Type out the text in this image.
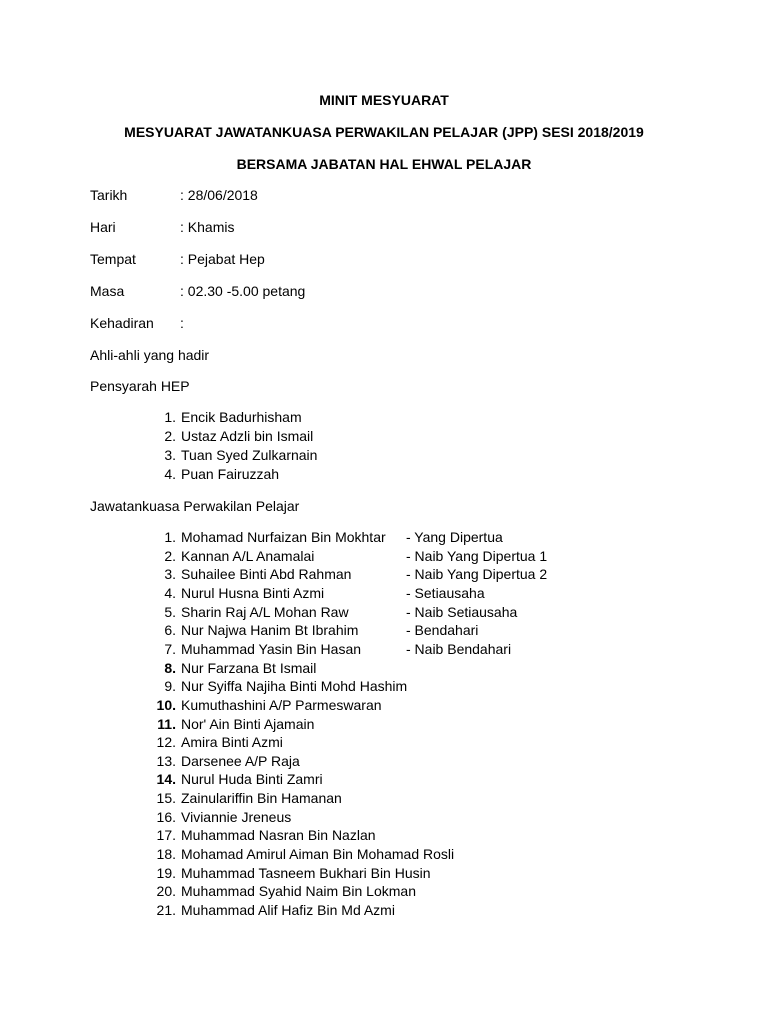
MINIT MESYUARAT
MESYUARAT JAWATANKUASA PERWAKILAN PELAJAR (JPP) SESI 2018/2019
BERSAMA JABATAN HAL EHWAL PELAJAR
Tarikh	: 28/06/2018
Hari	: Khamis
Tempat	: Pejabat Hep
Masa	: 02.30 -5.00 petang
Kehadiran :
Ahli-ahli yang hadir
Pensyarah HEP
1. Encik Badurhisham
2. Ustaz Adzli bin Ismail
3. Tuan Syed Zulkarnain
4. Puan Fairuzzah
Jawatankuasa Perwakilan Pelajar
1. Mohamad Nurfaizan Bin Mokhtar - Yang Dipertua
2. Kannan A/L Anamalai	- Naib Yang Dipertua 1
3. Suhailee Binti Abd Rahman	- Naib Yang Dipertua 2
4. Nurul Husna Binti Azmi	- Setiausaha
5. Sharin Raj A/L Mohan Raw	- Naib Setiausaha
6. Nur Najwa Hanim Bt Ibrahim	- Bendahari
7. Muhammad Yasin Bin Hasan	- Naib Bendahari
8. Nur Farzana Bt Ismail
9. Nur Syiffa Najiha Binti Mohd Hashim
10. Kumuthashini A/P Parmeswaran
11. Nor' Ain Binti Ajamain
12. Amira Binti Azmi
13. Darsenee A/P Raja
14. Nurul Huda Binti Zamri
15. Zainulariffin Bin Hamanan
16. Viviannie Jreneus
17. Muhammad Nasran Bin Nazlan
18. Mohamad Amirul Aiman Bin Mohamad Rosli
19. Muhammad Tasneem Bukhari Bin Husin
20. Muhammad Syahid Naim Bin Lokman
21. Muhammad Alif Hafiz Bin Md Azmi
